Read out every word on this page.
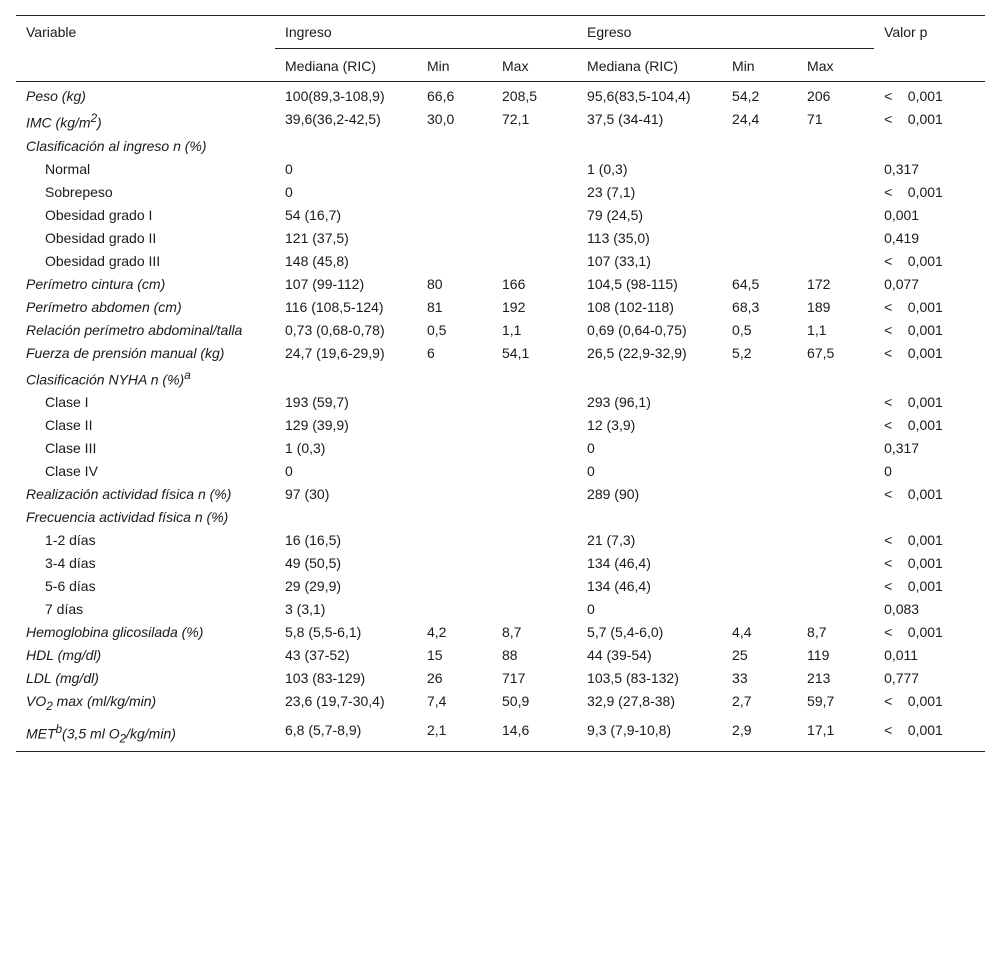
Variable	Ingreso			Egreso			Valor p
	Mediana (RIC)	Min	Max	Mediana (RIC)	Min	Max	

Peso (kg)	100(89,3-108,9)	66,6	208,5	95,6(83,5-104,4)	54,2	206	<    0,001
IMC $(kg/m^2)$	39,6(36,2-42,5)	30,0	72,1	37,5 (34-41)	24,4	71	<    0,001
Clasificación al ingreso n (%)							
Normal	0			1 (0,3)			0,317
Sobrepeso	0			23 (7,1)			<    0,001
Obesidad grado I	54 (16,7)			79 (24,5)			0,001
Obesidad grado II	121 (37,5)			113 (35,0)			0,419
Obesidad grado III	148 (45,8)			107 (33,1)			<    0,001
Perímetro cintura (cm)	107 (99-112)	80	166	104,5 (98-115)	64,5	172	0,077
Perímetro abdomen (cm)	116 (108,5-124)	81	192	108 (102-118)	68,3	189	<    0,001
Relación perímetro abdominal/talla	0,73 (0,68-0,78)	0,5	1,1	0,69 (0,64-0,75)	0,5	1,1	<    0,001
Fuerza de prensión manual (kg)	24,7 (19,6-29,9)	6	54,1	26,5 (22,9-32,9)	5,2	67,5	<    0,001
Clasificación NYHA n (%)$^a$							
Clase I	193 (59,7)			293 (96,1)			<    0,001
Clase II	129 (39,9)			12 (3,9)			<    0,001
Clase III	1 (0,3)			0			0,317
Clase IV	0			0			0
Realización actividad física n (%)	97 (30)			289 (90)			<    0,001
Frecuencia actividad física n (%)							
1-2 días	16 (16,5)			21 (7,3)			<    0,001
3-4 días	49 (50,5)			134 (46,4)			<    0,001
5-6 días	29 (29,9)			134 (46,4)			<    0,001
7 días	3 (3,1)			0			0,083
Hemoglobina glicosilada (%)	5,8 (5,5-6,1)	4,2	8,7	5,7 (5,4-6,0)	4,4	8,7	<    0,001
HDL (mg/dl)	43 (37-52)	15	88	44 (39-54)	25	119	0,011
LDL (mg/dl)	103 (83-129)	26	717	103,5 (83-132)	33	213	0,777
$VO_2$ max (ml/kg/min)	23,6 (19,7-30,4)	7,4	50,9	32,9 (27,8-38)	2,7	59,7	<    0,001
MET$^b$(3,5 ml $O_2/kg/\min$)	6,8 (5,7-8,9)	2,1	14,6	9,3 (7,9-10,8)	2,9	17,1	<    0,001
